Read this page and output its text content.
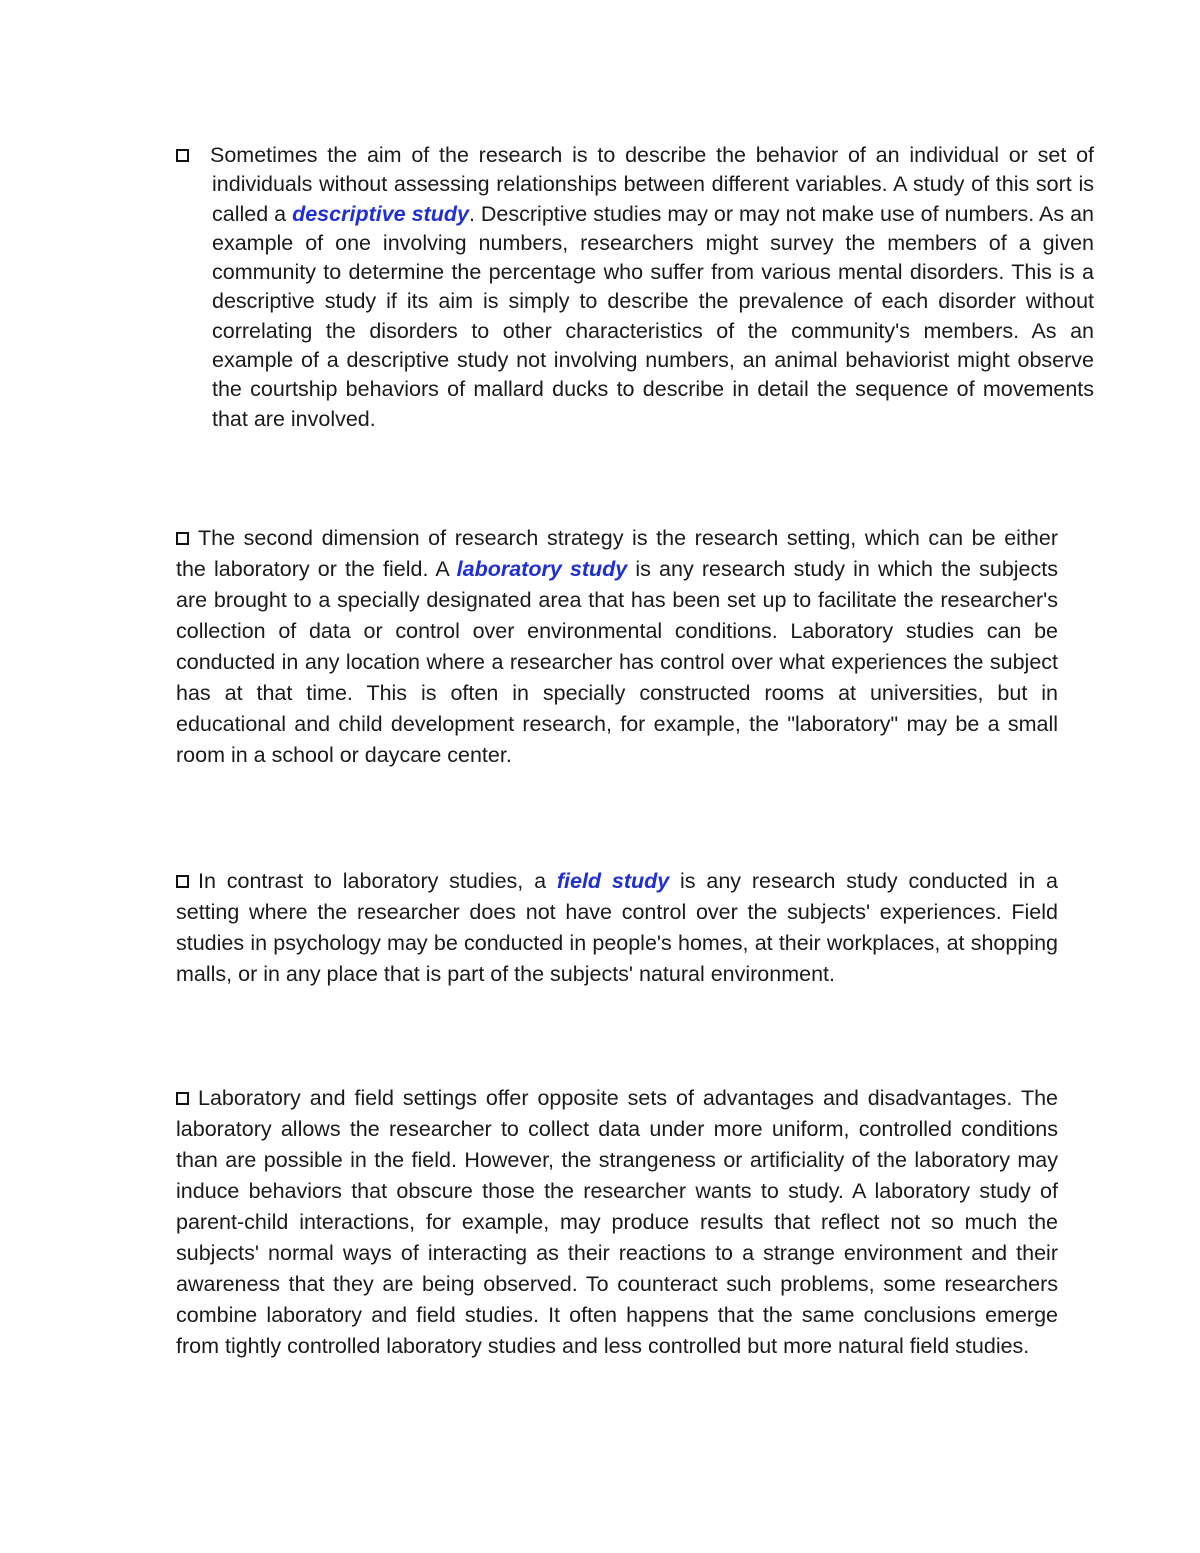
Sometimes the aim of the research is to describe the behavior of an individual or set of individuals without assessing relationships between different variables. A study of this sort is called a descriptive study. Descriptive studies may or may not make use of numbers. As an example of one involving numbers, researchers might survey the members of a given community to determine the percentage who suffer from various mental disorders. This is a descriptive study if its aim is simply to describe the prevalence of each disorder without correlating the disorders to other characteristics of the community's members. As an example of a descriptive study not involving numbers, an animal behaviorist might observe the courtship behaviors of mallard ducks to describe in detail the sequence of movements that are involved.

The second dimension of research strategy is the research setting, which can be either the laboratory or the field. A laboratory study is any research study in which the subjects are brought to a specially designated area that has been set up to facilitate the researcher's collection of data or control over environmental conditions. Laboratory studies can be conducted in any location where a researcher has control over what experiences the subject has at that time. This is often in specially constructed rooms at universities, but in educational and child development research, for example, the "laboratory" may be a small room in a school or daycare center.

In contrast to laboratory studies, a field study is any research study conducted in a setting where the researcher does not have control over the subjects' experiences. Field studies in psychology may be conducted in people's homes, at their workplaces, at shopping malls, or in any place that is part of the subjects' natural environment.

Laboratory and field settings offer opposite sets of advantages and disadvantages. The laboratory allows the researcher to collect data under more uniform, controlled conditions than are possible in the field. However, the strangeness or artificiality of the laboratory may induce behaviors that obscure those the researcher wants to study. A laboratory study of parent-child interactions, for example, may produce results that reflect not so much the subjects' normal ways of interacting as their reactions to a strange environment and their awareness that they are being observed. To counteract such problems, some researchers combine laboratory and field studies. It often happens that the same conclusions emerge from tightly controlled laboratory studies and less controlled but more natural field studies.
